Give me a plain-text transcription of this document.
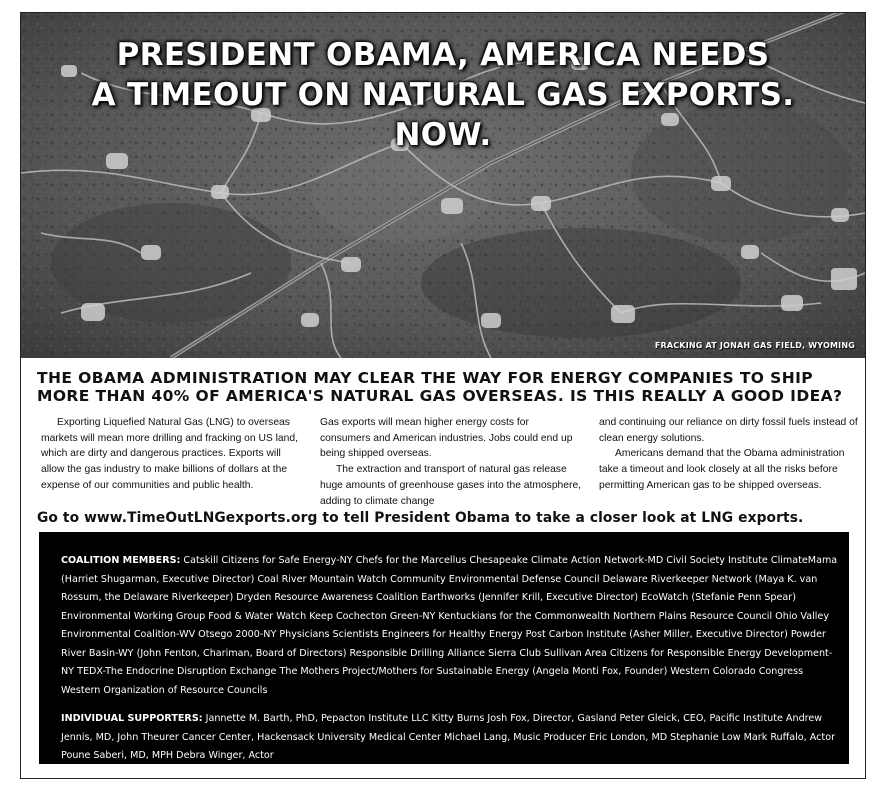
PRESIDENT OBAMA, AMERICA NEEDS
A TIMEOUT ON NATURAL GAS EXPORTS.
NOW.
FRACKING AT JONAH GAS FIELD, WYOMING
THE OBAMA ADMINISTRATION MAY CLEAR THE WAY FOR ENERGY COMPANIES TO SHIP MORE THAN 40% OF AMERICA'S NATURAL GAS OVERSEAS. IS THIS REALLY A GOOD IDEA?

Exporting Liquefied Natural Gas (LNG) to overseas markets will mean more drilling and fracking on US land, which are dirty and dangerous practices. Exports will allow the gas industry to make billions of dollars at the expense of our communities and public health.

Gas exports will mean higher energy costs for consumers and American industries. Jobs could end up being shipped overseas.

The extraction and transport of natural gas release huge amounts of greenhouse gases into the atmosphere, adding to climate change

and continuing our reliance on dirty fossil fuels instead of clean energy solutions.

Americans demand that the Obama administration take a timeout and look closely at all the risks before permitting American gas to be shipped overseas.

Go to www.TimeOutLNGexports.org to tell President Obama to take a closer look at LNG exports.
COALITION MEMBERS: Catskill Citizens for Safe Energy-NY Chefs for the Marcellus Chesapeake Climate Action Network-MD Civil Society Institute ClimateMama (Harriet Shugarman, Executive Director) Coal River Mountain Watch Community Environmental Defense Council Delaware Riverkeeper Network (Maya K. van Rossum, the Delaware Riverkeeper) Dryden Resource Awareness Coalition Earthworks (Jennifer Krill, Executive Director) EcoWatch (Stefanie Penn Spear) Environmental Working Group Food & Water Watch Keep Cochecton Green-NY Kentuckians for the Commonwealth Northern Plains Resource Council Ohio Valley Environmental Coalition-WV Otsego 2000-NY Physicians Scientists Engineers for Healthy Energy Post Carbon Institute (Asher Miller, Executive Director) Powder River Basin-WY (John Fenton, Chariman, Board of Directors) Responsible Drilling Alliance Sierra Club Sullivan Area Citizens for Responsible Energy Development-NY TEDX-The Endocrine Disruption Exchange The Mothers Project/Mothers for Sustainable Energy (Angela Monti Fox, Founder) Western Colorado Congress Western Organization of Resource Councils
INDIVIDUAL SUPPORTERS: Jannette M. Barth, PhD, Pepacton Institute LLC Kitty Burns Josh Fox, Director, Gasland Peter Gleick, CEO, Pacific Institute Andrew Jennis, MD, John Theurer Cancer Center, Hackensack University Medical Center Michael Lang, Music Producer Eric London, MD Stephanie Low Mark Ruffalo, Actor Poune Saberi, MD, MPH Debra Winger, Actor
